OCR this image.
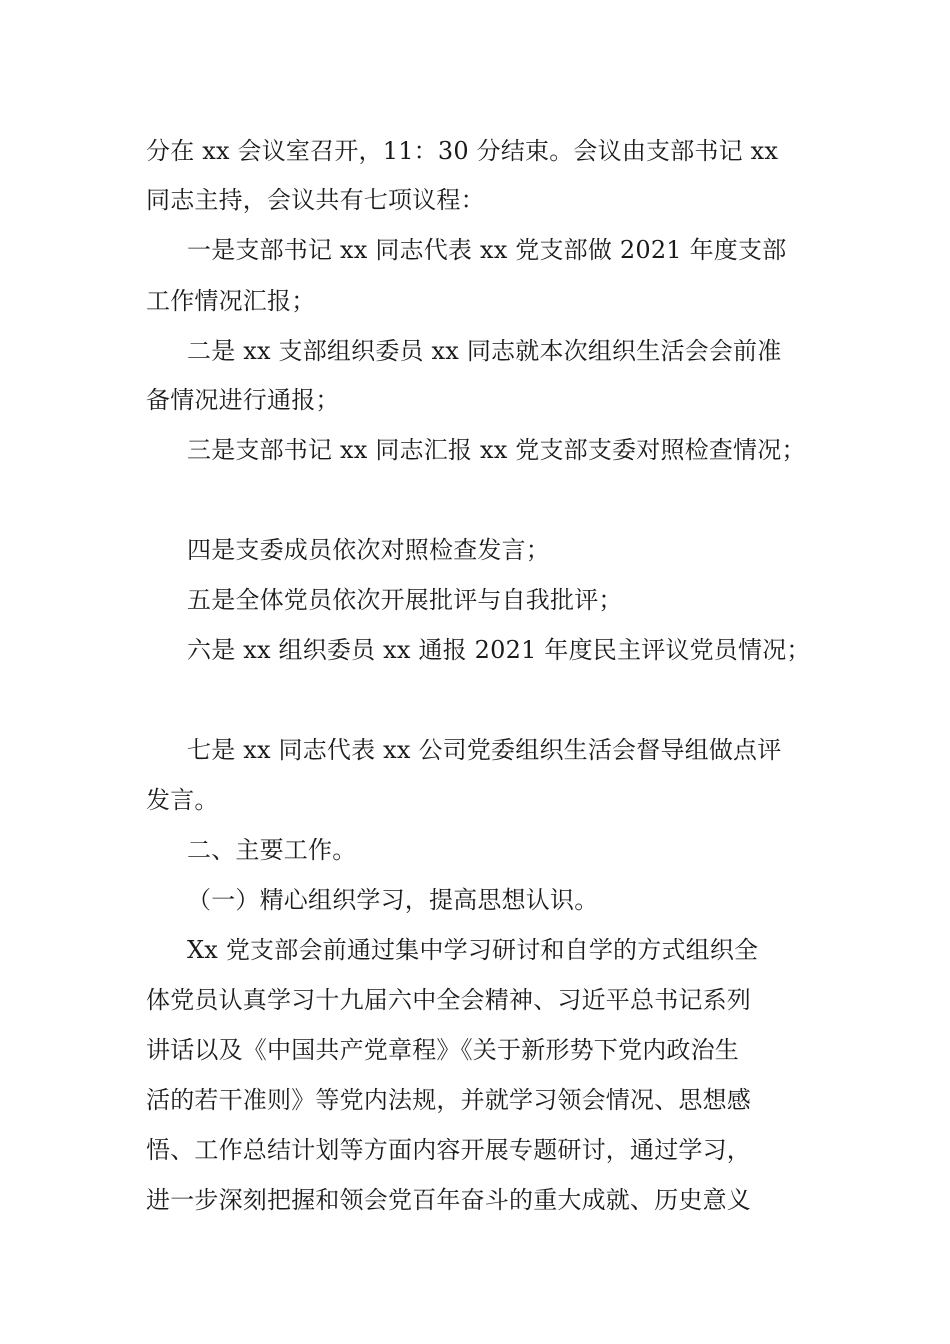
分在 xx 会议室召开，11：30 分结束。会议由支部书记 xx
同志主持，会议共有七项议程：
一是支部书记 xx 同志代表 xx 党支部做 2021 年度支部
工作情况汇报；
二是 xx 支部组织委员 xx 同志就本次组织生活会会前准
备情况进行通报；
三是支部书记 xx 同志汇报 xx 党支部支委对照检查情况；
四是支委成员依次对照检查发言；
五是全体党员依次开展批评与自我批评；
六是 xx 组织委员 xx 通报 2021 年度民主评议党员情况；
七是 xx 同志代表 xx 公司党委组织生活会督导组做点评
发言。
二、主要工作。
（一）精心组织学习，提高思想认识。
Xx 党支部会前通过集中学习研讨和自学的方式组织全
体党员认真学习十九届六中全会精神、习近平总书记系列
讲话以及《中国共产党章程》《关于新形势下党内政治生
活的若干准则》等党内法规，并就学习领会情况、思想感
悟、工作总结计划等方面内容开展专题研讨，通过学习，
进一步深刻把握和领会党百年奋斗的重大成就、历史意义
